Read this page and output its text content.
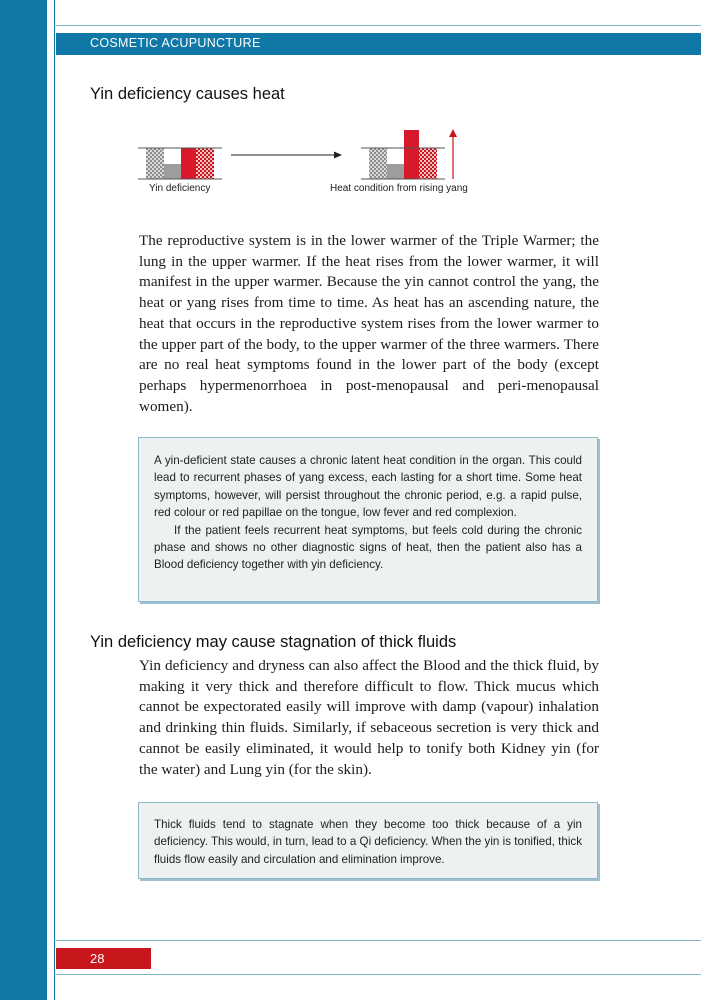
COSMETIC ACUPUNCTURE
Yin deficiency causes heat
Yin deficiency	Heat condition from rising yang
The reproductive system is in the lower warmer of the Triple Warmer; the lung in the upper warmer. If the heat rises from the lower warmer, it will manifest in the upper warmer. Because the yin cannot control the yang, the heat or yang rises from time to time. As heat has an ascending nature, the heat that occurs in the reproductive system rises from the lower warmer to the upper part of the body, to the upper warmer of the three warmers. There are no real heat symptoms found in the lower part of the body (except perhaps hypermenorrhoea in post-menopausal and peri-menopausal women).

A yin-deficient state causes a chronic latent heat condition in the organ. This could lead to recurrent phases of yang excess, each lasting for a short time. Some heat symptoms, however, will persist throughout the chronic period, e.g. a rapid pulse, red colour or red papillae on the tongue, low fever and red complexion.

If the patient feels recurrent heat symptoms, but feels cold during the chronic phase and shows no other diagnostic signs of heat, then the patient also has a Blood deficiency together with yin deficiency.

Yin deficiency may cause stagnation of thick fluids
Yin deficiency and dryness can also affect the Blood and the thick fluid, by making it very thick and therefore difficult to flow. Thick mucus which cannot be expectorated easily will improve with damp (vapour) inhalation and drinking thin fluids. Similarly, if sebaceous secretion is very thick and cannot be easily eliminated, it would help to tonify both Kidney yin (for the water) and Lung yin (for the skin).

Thick fluids tend to stagnate when they become too thick because of a yin deficiency. This would, in turn, lead to a Qi deficiency. When the yin is tonified, thick fluids flow easily and circulation and elimination improve.

28
